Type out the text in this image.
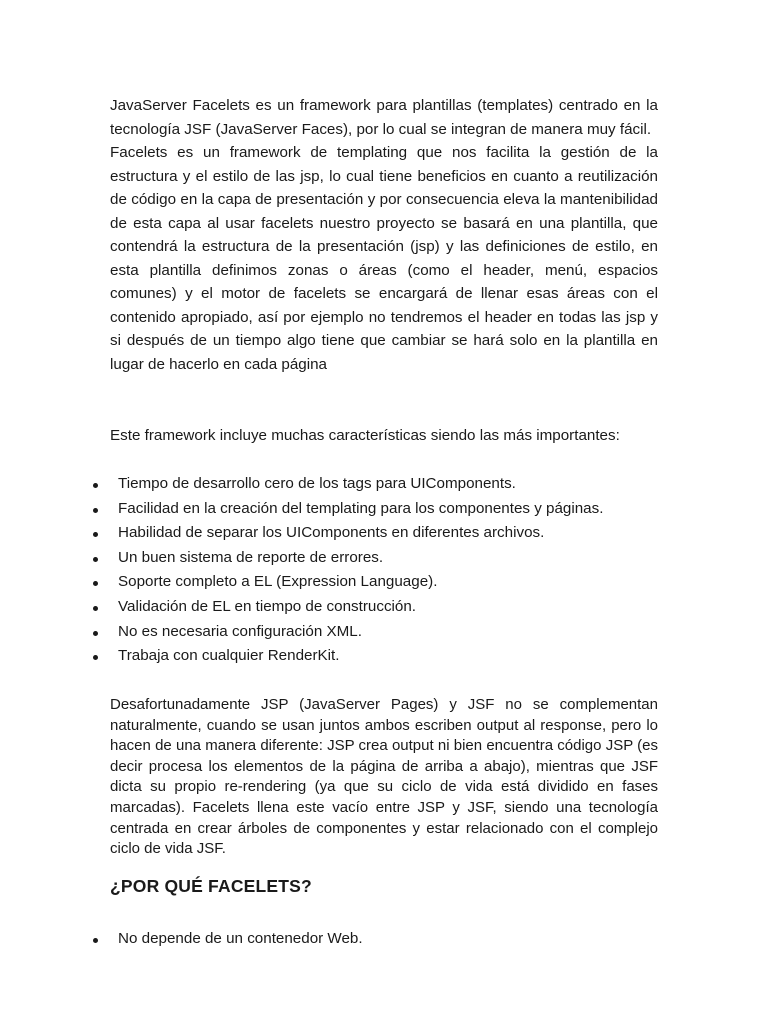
JavaServer Facelets es un framework para plantillas (templates) centrado en la tecnología JSF (JavaServer Faces), por lo cual se integran de manera muy fácil.
Facelets es un framework de templating que nos facilita la gestión de la estructura y el estilo de las jsp, lo cual tiene beneficios en cuanto a reutilización de código en la capa de presentación y por consecuencia eleva la mantenibilidad de esta capa al usar facelets nuestro proyecto se basará en una plantilla, que contendrá la estructura de la presentación (jsp) y las definiciones de estilo, en esta plantilla definimos zonas o áreas (como el header, menú, espacios comunes) y el motor de facelets se encargará de llenar esas áreas con el contenido apropiado, así por ejemplo no tendremos el header en todas las jsp y si después de un tiempo algo tiene que cambiar se hará solo en la plantilla en lugar de hacerlo en cada página

Este framework incluye muchas características siendo las más importantes:

Tiempo de desarrollo cero de los tags para UIComponents.
Facilidad en la creación del templating para los componentes y páginas.
Habilidad de separar los UIComponents en diferentes archivos.
Un buen sistema de reporte de errores.
Soporte completo a EL (Expression Language).
Validación de EL en tiempo de construcción.
No es necesaria configuración XML.
Trabaja con cualquier RenderKit.

Desafortunadamente JSP (JavaServer Pages) y JSF no se complementan naturalmente, cuando se usan juntos ambos escriben output al response, pero lo hacen de una manera diferente: JSP crea output ni bien encuentra código JSP (es decir procesa los elementos de la página de arriba a abajo), mientras que JSF dicta su propio re-rendering (ya que su ciclo de vida está dividido en fases marcadas). Facelets llena este vacío entre JSP y JSF, siendo una tecnología centrada en crear árboles de componentes y estar relacionado con el complejo ciclo de vida JSF.

¿POR QUÉ FACELETS?
No depende de un contenedor Web.
